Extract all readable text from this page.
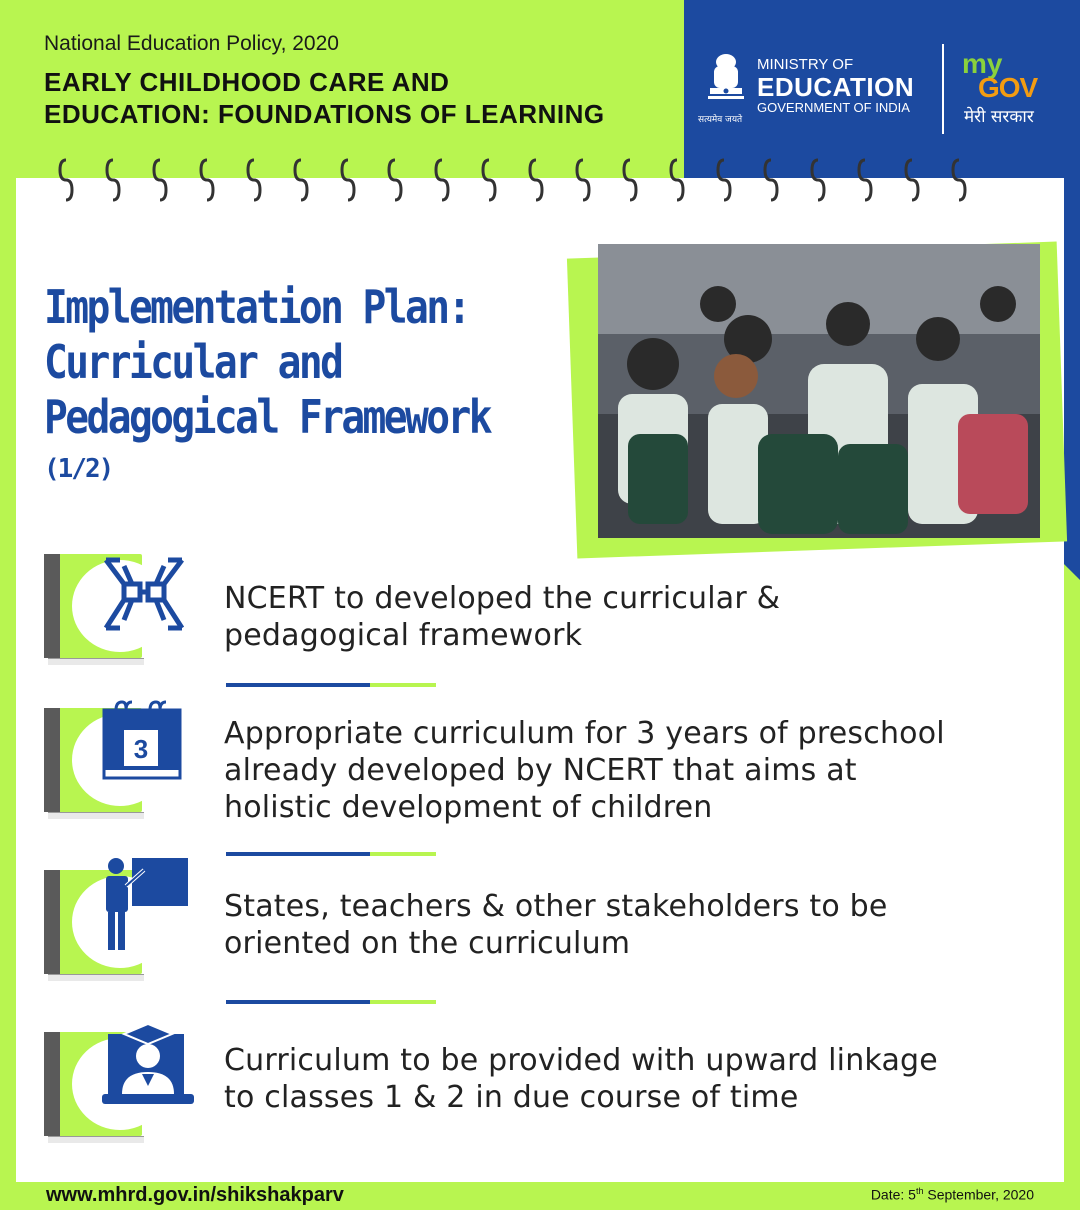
National Education Policy, 2020
EARLY CHILDHOOD CARE AND
EDUCATION: FOUNDATIONS OF LEARNING	सत्यमेव जयते
MINISTRY OF
EDUCATION
GOVERNMENT OF INDIA
my
GOV
मेरी सरकार
Implementation Plan:
Curricular and
Pedagogical Framework
(1/2)
NCERT to developed the curricular &
pedagogical framework
3	Appropriate curriculum for 3 years of preschool
already developed by NCERT that aims at
holistic development of children
States, teachers & other stakeholders to be
oriented on the curriculum
Curriculum to be provided with upward linkage
to classes 1 & 2 in due course of time
www.mhrd.gov.in/shikshakparv	Date: 5th September, 2020
